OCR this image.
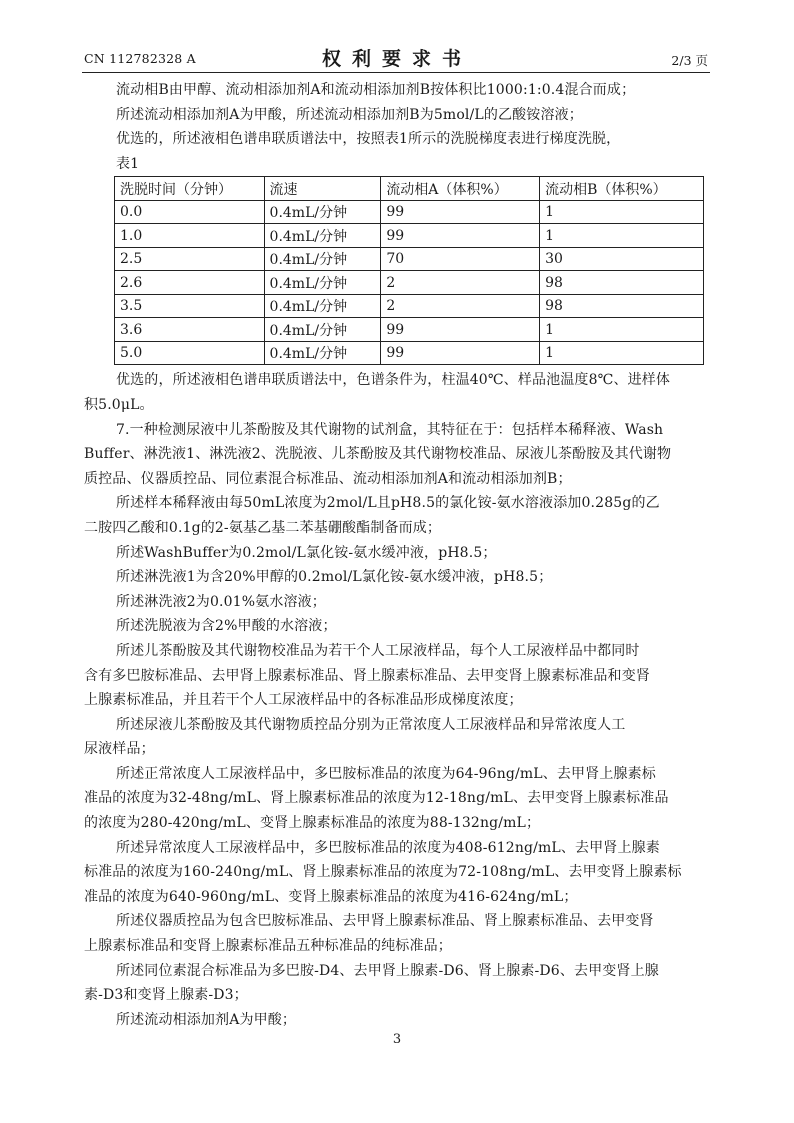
CN 112782328 A	权利要求书	2/3 页
流动相B由甲醇、流动相添加剂A和流动相添加剂B按体积比1000:1:0.4混合而成；
所述流动相添加剂A为甲酸，所述流动相添加剂B为5mol/L的乙酸铵溶液；
优选的，所述液相色谱串联质谱法中，按照表1所示的洗脱梯度表进行梯度洗脱，
表1
洗脱时间（分钟）	流速	流动相A（体积%）	流动相B（体积%）
0.0	0.4mL/分钟	99	1
1.0	0.4mL/分钟	99	1
2.5	0.4mL/分钟	70	30
2.6	0.4mL/分钟	2	98
3.5	0.4mL/分钟	2	98
3.6	0.4mL/分钟	99	1
5.0	0.4mL/分钟	99	1
优选的，所述液相色谱串联质谱法中，色谱条件为，柱温40℃、样品池温度8℃、进样体
积5.0μL。
7.一种检测尿液中儿茶酚胺及其代谢物的试剂盒，其特征在于：包括样本稀释液、Wash
Buffer、淋洗液1、淋洗液2、洗脱液、儿茶酚胺及其代谢物校准品、尿液儿茶酚胺及其代谢物
质控品、仪器质控品、同位素混合标准品、流动相添加剂A和流动相添加剂B；
所述样本稀释液由每50mL浓度为2mol/L且pH8.5的氯化铵-氨水溶液添加0.285g的乙
二胺四乙酸和0.1g的2-氨基乙基二苯基硼酸酯制备而成；
所述WashBuffer为0.2mol/L氯化铵-氨水缓冲液，pH8.5；
所述淋洗液1为含20%甲醇的0.2mol/L氯化铵-氨水缓冲液，pH8.5；
所述淋洗液2为0.01%氨水溶液；
所述洗脱液为含2%甲酸的水溶液；
所述儿茶酚胺及其代谢物校准品为若干个人工尿液样品，每个人工尿液样品中都同时
含有多巴胺标准品、去甲肾上腺素标准品、肾上腺素标准品、去甲变肾上腺素标准品和变肾
上腺素标准品，并且若干个人工尿液样品中的各标准品形成梯度浓度；
所述尿液儿茶酚胺及其代谢物质控品分别为正常浓度人工尿液样品和异常浓度人工
尿液样品；
所述正常浓度人工尿液样品中，多巴胺标准品的浓度为64-96ng/mL、去甲肾上腺素标
准品的浓度为32-48ng/mL、肾上腺素标准品的浓度为12-18ng/mL、去甲变肾上腺素标准品
的浓度为280-420ng/mL、变肾上腺素标准品的浓度为88-132ng/mL；
所述异常浓度人工尿液样品中，多巴胺标准品的浓度为408-612ng/mL、去甲肾上腺素
标准品的浓度为160-240ng/mL、肾上腺素标准品的浓度为72-108ng/mL、去甲变肾上腺素标
准品的浓度为640-960ng/mL、变肾上腺素标准品的浓度为416-624ng/mL；
所述仪器质控品为包含巴胺标准品、去甲肾上腺素标准品、肾上腺素标准品、去甲变肾
上腺素标准品和变肾上腺素标准品五种标准品的纯标准品；
所述同位素混合标准品为多巴胺-D4、去甲肾上腺素-D6、肾上腺素-D6、去甲变肾上腺
素-D3和变肾上腺素-D3；
所述流动相添加剂A为甲酸；
3
